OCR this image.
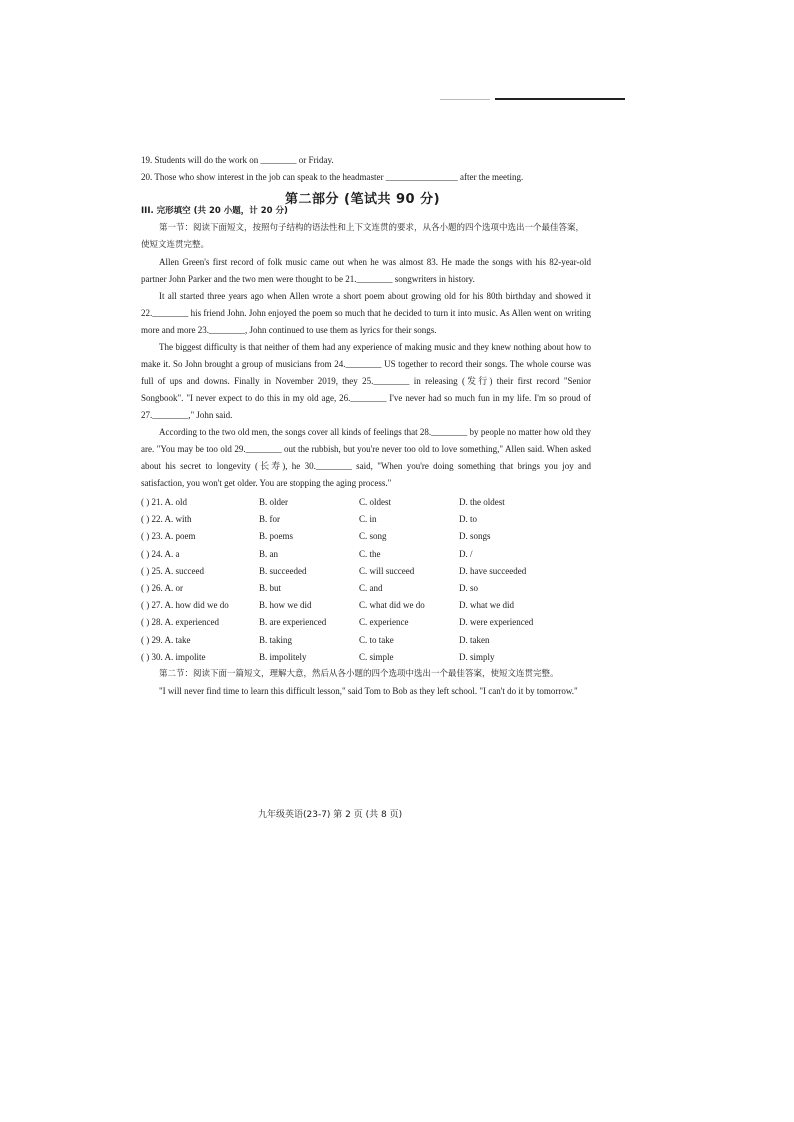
19. Students will do the work on ________ or Friday.

20. Those who show interest in the job can speak to the headmaster ________________ after the meeting.

III. 完形填空 (共 20 小题，计 20 分)

第一节：阅读下面短文，按照句子结构的语法性和上下文连贯的要求，从各小题的四个选项中选出一个最佳答案，使短文连贯完整。

Allen Green's first record of folk music came out when he was almost 83. He made the songs with his 82-year-old partner John Parker and the two men were thought to be 21.________ songwriters in history.

It all started three years ago when Allen wrote a short poem about growing old for his 80th birthday and showed it 22.________ his friend John. John enjoyed the poem so much that he decided to turn it into music. As Allen went on writing more and more 23.________, John continued to use them as lyrics for their songs.

The biggest difficulty is that neither of them had any experience of making music and they knew nothing about how to make it. So John brought a group of musicians from 24.________ US together to record their songs. The whole course was full of ups and downs. Finally in November 2019, they 25.________ in releasing (发行) their first record "Senior Songbook". "I never expect to do this in my old age, 26.________ I've never had so much fun in my life. I'm so proud of 27.________," John said.

According to the two old men, the songs cover all kinds of feelings that 28.________ by people no matter how old they are. "You may be too old 29.________ out the rubbish, but you're never too old to love something," Allen said. When asked about his secret to longevity (长寿), he 30.________ said, "When you're doing something that brings you joy and satisfaction, you won't get older. You are stopping the aging process."

( ) 21. A. old	B. older	C. oldest	D. the oldest
( ) 22. A. with	B. for	C. in	D. to
( ) 23. A. poem	B. poems	C. song	D. songs
( ) 24. A. a	B. an	C. the	D. /
( ) 25. A. succeed	B. succeeded	C. will succeed	D. have succeeded
( ) 26. A. or	B. but	C. and	D. so
( ) 27. A. how did we do	B. how we did	C. what did we do	D. what we did
( ) 28. A. experienced	B. are experienced	C. experience	D. were experienced
( ) 29. A. take	B. taking	C. to take	D. taken
( ) 30. A. impolite	B. impolitely	C. simple	D. simply

第二节：阅读下面一篇短文，理解大意，然后从各小题的四个选项中选出一个最佳答案，使短文连贯完整。

"I will never find time to learn this difficult lesson," said Tom to Bob as they left school. "I can't do it by tomorrow."

第二部分 (笔试共 90 分)
九年级英语(23-7) 第 2 页 (共 8 页)
